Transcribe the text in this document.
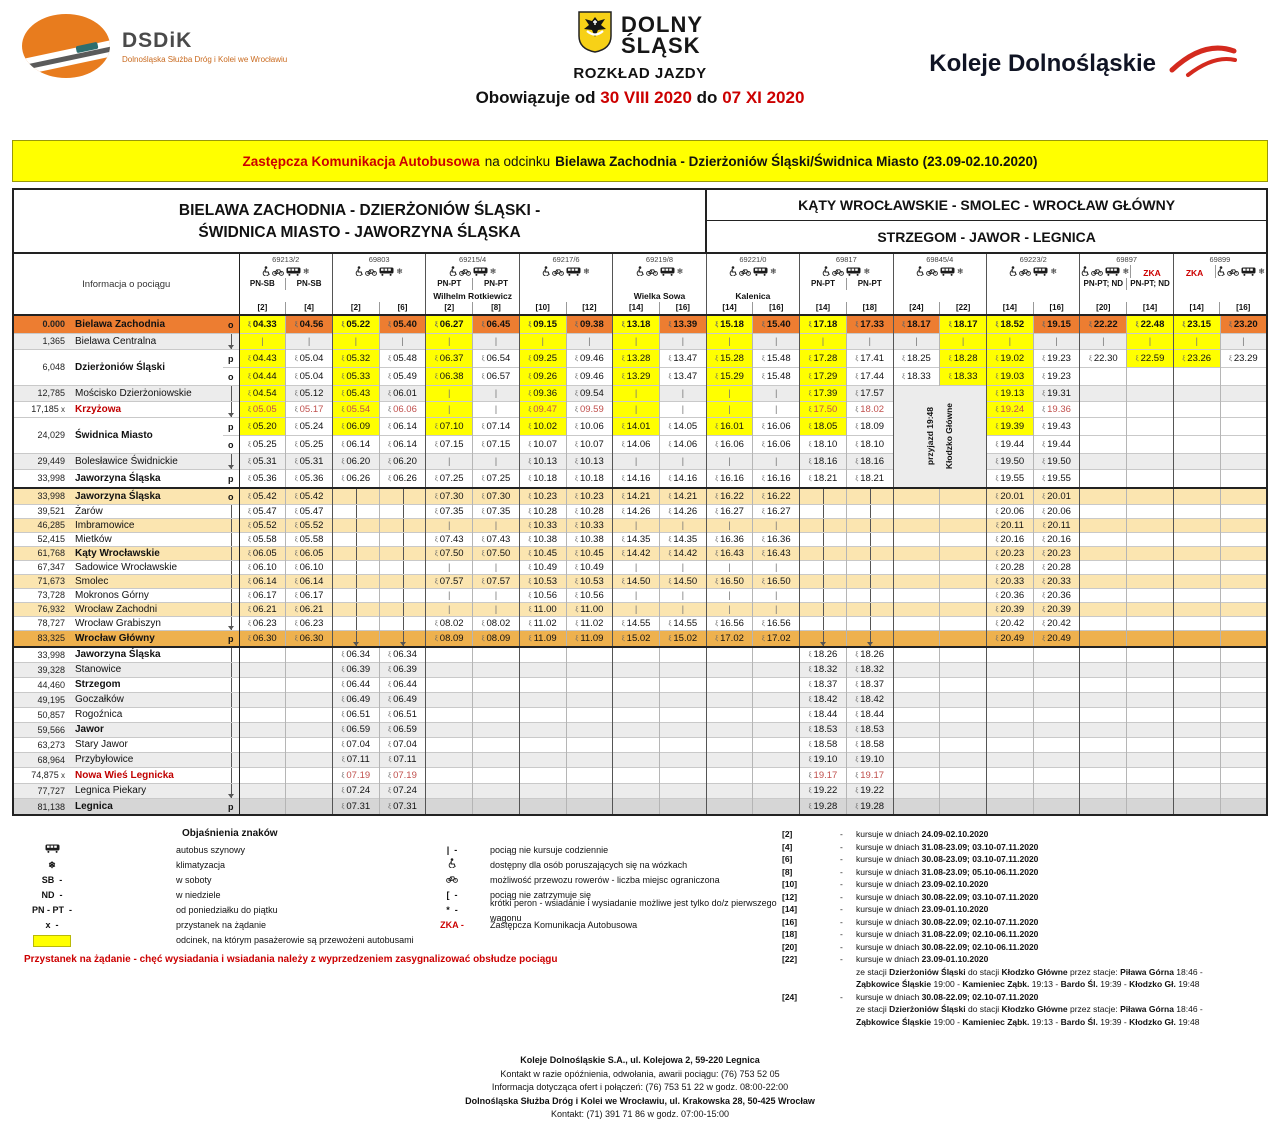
DSDiK
Dolnośląska Służba Dróg i Kolei we Wrocławiu
DOLNY
ŚLĄSK
ROZKŁAD JAZDY
Obowiązuje od 30 VIII 2020 do 07 XI 2020
Koleje Dolnośląskie
Zastępcza Komunikacja Autobusowa na odcinku Bielawa Zachodnia - Dzierżoniów Śląski/Świdnica Miasto (23.09-02.10.2020)
BIELAWA ZACHODNIA - DZIERŻONIÓW ŚLĄSKI -
ŚWIDNICA MIASTO - JAWORZYNA ŚLĄSKA

KĄTY WROCŁAWSKIE - SMOLEC - WROCŁAW GŁÓWNY
STRZEGOM - JAWOR - LEGNICA

Informacja o pociągu	
69213/2
❄
PN-SB	PN-SB
[2]	[4]

69803
❄
[2]	[6]

69215/4
❄
PN-PT	PN-PT
Wilhelm Rotkiewicz
[2]	[8]

69217/6
❄
[10]	[12]

69219/8
❄
Wielka Sowa
[14]	[16]

69221/0
❄
Kalenica
[14]	[16]

69817
❄
PN-PT	PN-PT
[14]	[18]

69845/4
❄
[24]	[22]

69223/2
❄
[14]	[16]

69897
❄	ZKA
PN-PT; ND PN-PT; ND
[20]	[14]

69899
ZKA	❄
[14]	[16]

0.000	Bielawa Zachodnia	o	ξ 04.33	ξ 04.56	ξ 05.22	ξ 05.40	ξ 06.27	ξ 06.45	ξ 09.15	ξ 09.38	ξ 13.18	ξ 13.39	ξ 15.18	ξ 15.40	ξ 17.18	ξ 17.33	ξ 18.17	ξ 18.17	ξ 18.52	ξ 19.15	ξ 22.22	ξ 22.48	ξ 23.15	ξ 23.20
1,365	Bielawa Centralna		|	|	|	|	|	|	|	|	|	|	|	|	|	|	|	|	|	|	|	|	|	|
6,048	Dzierżoniów Śląski	p	ξ 04.43	ξ 05.04	ξ 05.32	ξ 05.48	ξ 06.37	ξ 06.54	ξ 09.25	ξ 09.46	ξ 13.28	ξ 13.47	ξ 15.28	ξ 15.48	ξ 17.28	ξ 17.41	ξ 18.25	ξ 18.28	ξ 19.02	ξ 19.23	ξ 22.30	ξ 22.59	ξ 23.26	ξ 23.29
		o	ξ 04.44	ξ 05.04	ξ 05.33	ξ 05.49	ξ 06.38	ξ 06.57	ξ 09.26	ξ 09.46	ξ 13.29	ξ 13.47	ξ 15.29	ξ 15.48	ξ 17.29	ξ 17.44	ξ 18.33	ξ 18.33	ξ 19.03	ξ 19.23				
12,785	Mościsko Dzierżoniowskie		ξ 04.54	ξ 05.12	ξ 05.43	ξ 06.01	|	|	ξ 09.36	ξ 09.54	|	|	|	|	ξ 17.39	ξ 17.57	przyjazd 19:48 Kłodzko Główne		ξ 19.13	ξ 19.31				
17,185 x	Krzyżowa		ξ 05.05	ξ 05.17	ξ 05.54	ξ 06.06	|	|	ξ 09.47	ξ 09.59	|	|	|	|	ξ 17.50	ξ 18.02			ξ 19.24	ξ 19.36				
24,029	Świdnica Miasto	p	ξ 05.20	ξ 05.24	ξ 06.09	ξ 06.14	ξ 07.10	ξ 07.14	ξ 10.02	ξ 10.06	ξ 14.01	ξ 14.05	ξ 16.01	ξ 16.06	ξ 18.05	ξ 18.09			ξ 19.39	ξ 19.43				
		o	ξ 05.25	ξ 05.25	ξ 06.14	ξ 06.14	ξ 07.15	ξ 07.15	ξ 10.07	ξ 10.07	ξ 14.06	ξ 14.06	ξ 16.06	ξ 16.06	ξ 18.10	ξ 18.10			ξ 19.44	ξ 19.44				
29,449	Bolesławice Świdnickie		ξ 05.31	ξ 05.31	ξ 06.20	ξ 06.20	|	|	ξ 10.13	ξ 10.13	|	|	|	|	ξ 18.16	ξ 18.16			ξ 19.50	ξ 19.50				
33,998	Jaworzyna Śląska	p	ξ 05.36	ξ 05.36	ξ 06.26	ξ 06.26	ξ 07.25	ξ 07.25	ξ 10.18	ξ 10.18	ξ 14.16	ξ 14.16	ξ 16.16	ξ 16.16	ξ 18.21	ξ 18.21			ξ 19.55	ξ 19.55				
33,998	Jaworzyna Śląska	o	ξ 05.42	ξ 05.42			ξ 07.30	ξ 07.30	ξ 10.23	ξ 10.23	ξ 14.21	ξ 14.21	ξ 16.22	ξ 16.22					ξ 20.01	ξ 20.01				
39,521	Żarów		ξ 05.47	ξ 05.47			ξ 07.35	ξ 07.35	ξ 10.28	ξ 10.28	ξ 14.26	ξ 14.26	ξ 16.27	ξ 16.27					ξ 20.06	ξ 20.06				
46,285	Imbramowice		ξ 05.52	ξ 05.52			|	|	ξ 10.33	ξ 10.33	|	|	|	|					ξ 20.11	ξ 20.11				
52,415	Mietków		ξ 05.58	ξ 05.58			ξ 07.43	ξ 07.43	ξ 10.38	ξ 10.38	ξ 14.35	ξ 14.35	ξ 16.36	ξ 16.36					ξ 20.16	ξ 20.16				
61,768	Kąty Wrocławskie		ξ 06.05	ξ 06.05			ξ 07.50	ξ 07.50	ξ 10.45	ξ 10.45	ξ 14.42	ξ 14.42	ξ 16.43	ξ 16.43					ξ 20.23	ξ 20.23				
67,347	Sadowice Wrocławskie		ξ 06.10	ξ 06.10			|	|	ξ 10.49	ξ 10.49	|	|	|	|					ξ 20.28	ξ 20.28				
71,673	Smolec		ξ 06.14	ξ 06.14			ξ 07.57	ξ 07.57	ξ 10.53	ξ 10.53	ξ 14.50	ξ 14.50	ξ 16.50	ξ 16.50					ξ 20.33	ξ 20.33				
73,728	Mokronos Górny		ξ 06.17	ξ 06.17			|	|	ξ 10.56	ξ 10.56	|	|	|	|					ξ 20.36	ξ 20.36				
76,932	Wrocław Zachodni		ξ 06.21	ξ 06.21			|	|	ξ 11.00	ξ 11.00	|	|	|	|					ξ 20.39	ξ 20.39				
78,727	Wrocław Grabiszyn		ξ 06.23	ξ 06.23			ξ 08.02	ξ 08.02	ξ 11.02	ξ 11.02	ξ 14.55	ξ 14.55	ξ 16.56	ξ 16.56					ξ 20.42	ξ 20.42				
83,325	Wrocław Główny	p	ξ 06.30	ξ 06.30			ξ 08.09	ξ 08.09	ξ 11.09	ξ 11.09	ξ 15.02	ξ 15.02	ξ 17.02	ξ 17.02					ξ 20.49	ξ 20.49				
33,998	Jaworzyna Śląska				ξ 06.34	ξ 06.34									ξ 18.26	ξ 18.26								
39,328	Stanowice				ξ 06.39	ξ 06.39									ξ 18.32	ξ 18.32								
44,460	Strzegom				ξ 06.44	ξ 06.44									ξ 18.37	ξ 18.37								
49,195	Goczałków				ξ 06.49	ξ 06.49									ξ 18.42	ξ 18.42								
50,857	Rogoźnica				ξ 06.51	ξ 06.51									ξ 18.44	ξ 18.44								
59,566	Jawor				ξ 06.59	ξ 06.59									ξ 18.53	ξ 18.53								
63,273	Stary Jawor				ξ 07.04	ξ 07.04									ξ 18.58	ξ 18.58								
68,964	Przybyłowice				ξ 07.11	ξ 07.11									ξ 19.10	ξ 19.10								
74,875 x	Nowa Wieś Legnicka				ξ 07.19	ξ 07.19									ξ 19.17	ξ 19.17								
77,727	Legnica Piekary				ξ 07.24	ξ 07.24									ξ 19.22	ξ 19.22								
81,138	Legnica	p			ξ 07.31	ξ 07.31									ξ 19.28	ξ 19.28								
Objaśnienia znaków
autobus szynowy
❄	klimatyzacja
SB  -	w soboty
ND  -	w niedziele
PN - PT  -	od poniedziałku do piątku
x  -	przystanek na żądanie
odcinek, na którym pasażerowie są przewożeni autobusami
|  -	pociąg nie kursuje codziennie
dostępny dla osób poruszających się na wózkach
możliwość przewozu rowerów - liczba miejsc ograniczona
[  -	pociąg nie zatrzymuje się
*  -
krótki peron - wsiadanie i wysiadanie możliwe jest tylko do/z pierwszego wagonu
ZKA -	Zastępcza Komunikacja Autobusowa
Przystanek na żądanie - chęć wysiadania i wsiadania należy z wyprzedzeniem zasygnalizować obsłudze pociągu
[2]	-	kursuje w dniach 24.09-02.10.2020
[4]	-	kursuje w dniach 31.08-23.09; 03.10-07.11.2020
[6]	-	kursuje w dniach 30.08-23.09; 03.10-07.11.2020
[8]	-	kursuje w dniach 31.08-23.09; 05.10-06.11.2020
[10]	-	kursuje w dniach 23.09-02.10.2020
[12]	-	kursuje w dniach 30.08-22.09; 03.10-07.11.2020
[14]	-	kursuje w dniach 23.09-01.10.2020
[16]	-	kursuje w dniach 30.08-22.09; 02.10-07.11.2020
[18]	-	kursuje w dniach 31.08-22.09; 02.10-06.11.2020
[20]	-	kursuje w dniach 30.08-22.09; 02.10-06.11.2020
[22]	-	kursuje w dniach 23.09-01.10.2020
ze stacji Dzierżoniów Śląski do stacji Kłodzko Główne przez stacje: Piława Górna 18:46 -
Ząbkowice Śląskie 19:00 - Kamieniec Ząbk. 19:13 - Bardo Śl. 19:39 - Kłodzko Gł. 19:48
[24]	-	kursuje w dniach 30.08-22.09; 02.10-07.11.2020
ze stacji Dzierżoniów Śląski do stacji Kłodzko Główne przez stacje: Piława Górna 18:46 -
Ząbkowice Śląskie 19:00 - Kamieniec Ząbk. 19:13 - Bardo Śl. 19:39 - Kłodzko Gł. 19:48
Koleje Dolnośląskie S.A., ul. Kolejowa 2, 59-220 Legnica
Kontakt w razie opóźnienia, odwołania, awarii pociągu: (76) 753 52 05
Informacja dotycząca ofert i połączeń: (76) 753 51 22 w godz. 08:00-22:00
Dolnośląska Służba Dróg i Kolei we Wrocławiu, ul. Krakowska 28, 50-425 Wrocław
Kontakt: (71) 391 71 86 w godz. 07:00-15:00
